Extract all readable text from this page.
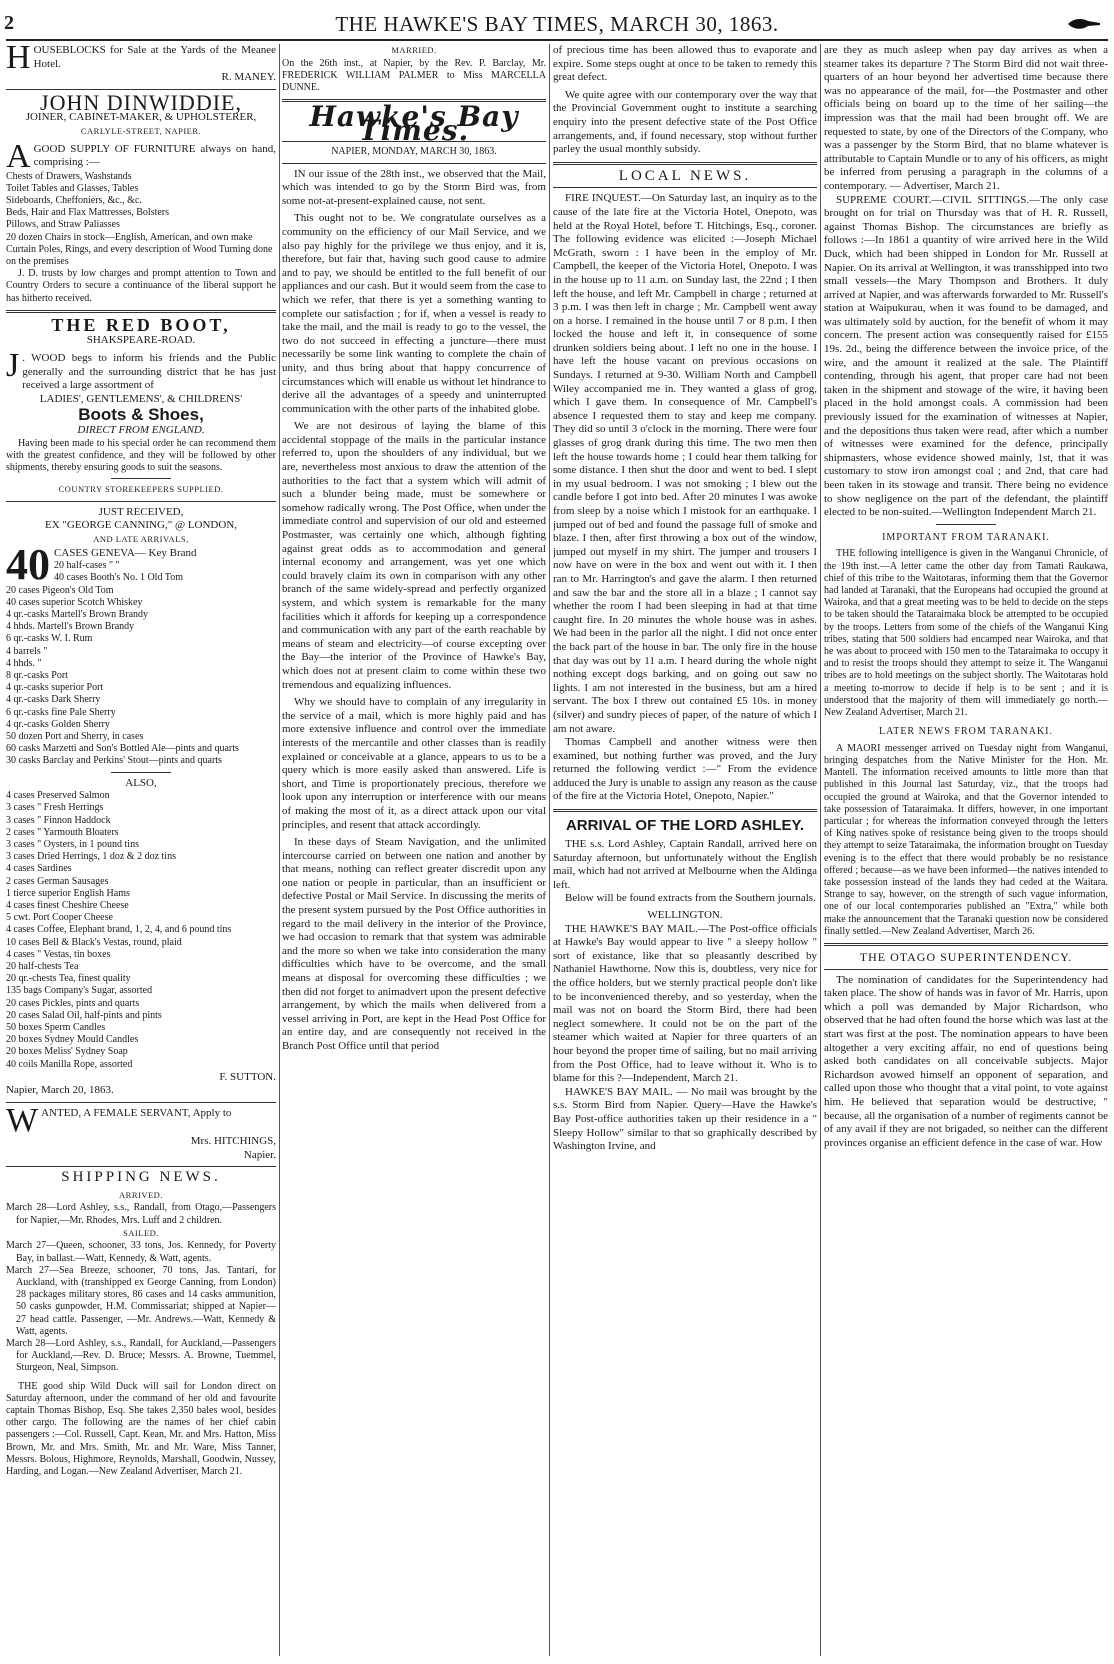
2	THE HAWKE'S BAY TIMES, MARCH 30, 1863.

HOUSEBLOCKS for Sale at the Yards of the Meanee Hotel.

R. MANEY.

JOHN DINWIDDIE,

JOINER, CABINET-MAKER, & UPHOLSTERER,

CARLYLE-STREET, NAPIER.

AGOOD SUPPLY OF FURNITURE always on hand, comprising :—

Chests of Drawers, Washstands
Toilet Tables and Glasses, Tables
Sideboards, Cheffoniers, &c., &c.
Beds, Hair and Flax Mattresses, Bolsters
Pillows, and Straw Paliasses
20 dozen Chairs in stock—English, American, and own make
Curtain Poles, Rings, and every description of Wood Turning done on the premises

J. D. trusts by low charges and prompt attention to Town and Country Orders to secure a continuance of the liberal support he has hitherto received.

THE RED BOOT,

SHAKSPEARE-ROAD.

J . WOOD begs to inform his friends and the Public generally and the surrounding district that he has just received a large assortment of

LADIES', GENTLEMENS', & CHILDRENS'

Boots & Shoes,

DIRECT FROM ENGLAND.

Having been made to his special order he can recommend them with the greatest confidence, and they will be followed by other shipments, thereby ensuring goods to suit the seasons.

COUNTRY STOREKEEPERS SUPPLIED.

JUST RECEIVED,

EX "GEORGE CANNING," @ LONDON,

AND LATE ARRIVALS,

40 CASES GENEVA— Key Brand

20 half-cases " "
40 cases Booth's No. 1 Old Tom
20 cases Pigeon's Old Tom
40 cases superior Scotch Whiskey
4 qr.-casks Martell's Brown Brandy
4 hhds. Martell's Brown Brandy
6 qr.-casks W. I. Rum
4 barrels "
4 hhds. "
8 qr.-casks Port
4 qr.-casks superior Port
4 qr.-casks Dark Sherry
6 qr.-casks fine Pale Sherry
4 qr.-casks Golden Sherry
50 dozen Port and Sherry, in cases
60 casks Marzetti and Son's Bottled Ale—pints and quarts
30 casks Barclay and Perkins' Stout—pints and quarts

ALSO,

4 cases Preserved Salmon
3 cases " Fresh Herrings
3 cases " Finnon Haddock
2 cases " Yarmouth Bloaters
3 cases " Oysters, in 1 pound tins
3 cases Dried Herrings, 1 doz & 2 doz tins
4 cases Sardines
2 cases German Sausages
1 tierce superior English Hams
4 cases finest Cheshire Cheese
5 cwt. Port Cooper Cheese
4 cases Coffee, Elephant brand, 1, 2, 4, and 6 pound tins
10 cases Bell & Black's Vestas, round, plaid
4 cases " Vestas, tin boxes
20 half-chests Tea
20 qr.-chests Tea, finest quality
135 bags Company's Sugar, assorted
20 cases Pickles, pints and quarts
20 cases Salad Oil, half-pints and pints
50 boxes Sperm Candles
20 boxes Sydney Mould Candles
20 boxes Meliss' Sydney Soap
40 coils Manilla Rope, assorted

F. SUTTON.

Napier, March 20, 1863.

WANTED, A FEMALE SERVANT, Apply to

Mrs. HITCHINGS,

Napier.

SHIPPING NEWS.

ARRIVED.

March 28—Lord Ashley, s.s., Randall, from Otago,—Passengers for Napier,—Mr. Rhodes, Mrs. Luff and 2 children.

SAILED.

March 27—Queen, schooner, 33 tons, Jos. Kennedy, for Poverty Bay, in ballast.—Watt, Kennedy, & Watt, agents.

March 27—Sea Breeze, schooner, 70 tons, Jas. Tantari, for Auckland, with (transhipped ex George Canning, from London) 28 packages military stores, 86 cases and 14 casks ammunition, 50 casks gunpowder, H.M. Commissariat; shipped at Napier—27 head cattle. Passenger, —Mr. Andrews.—Watt, Kennedy & Watt, agents.

March 28—Lord Ashley, s.s., Randall, for Auckland,—Passengers for Auckland,—Rev. D. Bruce; Messrs. A. Browne, Tuemmel, Sturgeon, Neal, Simpson.

THE good ship Wild Duck will sail for London direct on Saturday afternoon, under the command of her old and favourite captain Thomas Bishop, Esq. She takes 2,350 bales wool, besides other cargo. The following are the names of her chief cabin passengers :—Col. Russell, Capt. Kean, Mr. and Mrs. Hatton, Miss Brown, Mr. and Mrs. Smith, Mr. and Mr. Ware, Miss Tanner, Messrs. Bolous, Highmore, Reynolds, Marshall, Goodwin, Nussey, Harding, and Logan.—New Zealand Advertiser, March 21.

MARRIED.

On the 26th inst., at Napier, by the Rev. P. Barclay, Mr. FREDERICK WILLIAM PALMER to Miss MARCELLA DUNNE.

Hawke's Bay Times.

NAPIER, MONDAY, MARCH 30, 1863.

IN our issue of the 28th inst., we observed that the Mail, which was intended to go by the Storm Bird was, from some not-at-present-explained cause, not sent.

This ought not to be. We congratulate ourselves as a community on the efficiency of our Mail Service, and we also pay highly for the privilege we thus enjoy, and it is, therefore, but fair that, having such good cause to admire and to pay, we should be entitled to the full benefit of our appliances and our cash. But it would seem from the case to which we refer, that there is yet a something wanting to complete our satisfaction ; for if, when a vessel is ready to take the mail, and the mail is ready to go to the vessel, the two do not succeed in effecting a juncture—there must necessarily be some link wanting to complete the chain of unity, and thus bring about that happy concurrence of circumstances which will enable us without let hindrance to derive all the advantages of a speedy and uninterrupted communication with the other parts of the inhabited globe.

We are not desirous of laying the blame of this accidental stoppage of the mails in the particular instance referred to, upon the shoulders of any individual, but we are, nevertheless most anxious to draw the attention of the authorities to the fact that a system which will admit of such a blunder being made, must be somewhere or somehow radically wrong. The Post Office, when under the immediate control and supervision of our old and esteemed Postmaster, was certainly one which, although fighting against great odds as to accommodation and general internal economy and arrangement, was yet one which could bravely claim its own in comparison with any other branch of the same widely-spread and perfectly organized system, and which system is remarkable for the many facilities which it affords for keeping up a correspondence and communication with any part of the earth reachable by means of steam and electricity—of course excepting over the Bay—the interior of the Province of Hawke's Bay, which does not at present claim to come within these two tremendous and equalizing influences.

Why we should have to complain of any irregularity in the service of a mail, which is more highly paid and has more extensive influence and control over the immediate interests of the mercantile and other classes than is readily explained or conceivable at a glance, appears to us to be a query which is more easily asked than answered. Life is short, and Time is proportionately precious, therefore we look upon any interruption or interference with our means of making the most of it, as a direct attack upon our vital principles, and resent that attack accordingly.

In these days of Steam Navigation, and the unlimited intercourse carried on between one nation and another by that means, nothing can reflect greater discredit upon any one nation or people in particular, than an insufficient or defective Postal or Mail Service. In discussing the merits of the present system pursued by the Post Office authorities in regard to the mail delivery in the interior of the Province, we had occasion to remark that that system was admirable and the more so when we take into consideration the many difficulties which have to be overcome, and the small means at disposal for overcoming these difficulties ; we then did not forget to animadvert upon the present defective arrangement, by which the mails when delivered from a vessel arriving in Port, are kept in the Head Post Office for an entire day, and are consequently not received in the Branch Post Office until that period

of precious time has been allowed thus to evaporate and expire. Some steps ought at once to be taken to remedy this great defect.

We quite agree with our contemporary over the way that the Provincial Government ought to institute a searching enquiry into the present defective state of the Post Office arrangements, and, if found necessary, stop without further parley the usual monthly subsidy.

LOCAL NEWS.

FIRE INQUEST.—On Saturday last, an inquiry as to the cause of the late fire at the Victoria Hotel, Onepoto, was held at the Royal Hotel, before T. Hitchings, Esq., coroner. The following evidence was elicited :—Joseph Michael McGrath, sworn : I have been in the employ of Mr. Campbell, the keeper of the Victoria Hotel, Onepoto. I was in the house up to 11 a.m. on Sunday last, the 22nd ; I then left the house, and left Mr. Campbell in charge ; returned at 3 p.m. I was then left in charge ; Mr. Campbell went away on a horse. I remained in the house until 7 or 8 p.m. I then locked the house and left it, in consequence of some drunken soldiers being about. I left no one in the house. I have left the house vacant on previous occasions on Sundays. I returned at 9-30. William North and Campbell Wiley accompanied me in. They wanted a glass of grog, which I gave them. In consequence of Mr. Campbell's absence I requested them to stay and keep me company. They did so until 3 o'clock in the morning. There were four glasses of grog drank during this time. The two men then left the house towards home ; I could hear them talking for some distance. I then shut the door and went to bed. I slept in my usual bedroom. I was not smoking ; I blew out the candle before I got into bed. After 20 minutes I was awoke from sleep by a noise which I mistook for an earthquake. I jumped out of bed and found the passage full of smoke and blaze. I then, after first throwing a box out of the window, jumped out myself in my shirt. The jumper and trousers I now have on were in the box and went out with it. I then ran to Mr. Harrington's and gave the alarm. I then returned and saw the bar and the store all in a blaze ; I cannot say whether the room I had been sleeping in had at that time caught fire. In 20 minutes the whole house was in ashes. We had been in the parlor all the night. I did not once enter the back part of the house in bar. The only fire in the house that day was out by 11 a.m. I heard during the whole night nothing except dogs barking, and on going out saw no lights. I am not interested in the business, but am a hired servant. The box I threw out contained £5 10s. in money (silver) and sundry pieces of paper, of the nature of which I am not aware.

Thomas Campbell and another witness were then examined, but nothing further was proved, and the Jury returned the following verdict :—" From the evidence adduced the Jury is unable to assign any reason as the cause of the fire at the Victoria Hotel, Onepoto, Napier."

ARRIVAL OF THE LORD ASHLEY.

THE s.s. Lord Ashley, Captain Randall, arrived here on Saturday afternoon, but unfortunately without the English mail, which had not arrived at Melbourne when the Aldinga left.

Below will be found extracts from the Southern journals.

WELLINGTON.

THE HAWKE'S BAY MAIL.—The Post-office officials at Hawke's Bay would appear to live " a sleepy hollow " sort of existance, like that so pleasantly described by Nathaniel Hawthorne. Now this is, doubtless, very nice for the office holders, but we sternly practical people don't like to be inconvenienced thereby, and so yesterday, when the mail was not on board the Storm Bird, there had been neglect somewhere. It could not be on the part of the steamer which waited at Napier for three quarters of an hour beyond the proper time of sailing, but no mail arriving from the Post Office, had to leave without it. Who is to blame for this ?—Independent, March 21.

HAWKE'S BAY MAIL. — No mail was brought by the s.s. Storm Bird from Napier. Query—Have the Hawke's Bay Post-office authorities taken up their residence in a " Sleepy Hollow" similar to that so graphically described by Washington Irvine, and

are they as much asleep when pay day arrives as when a steamer takes its departure ? The Storm Bird did not wait three-quarters of an hour beyond her advertised time because there was no appearance of the mail, for—the Postmaster and other officials being on board up to the time of her sailing—the impression was that the mail had been brought off. We are requested to state, by one of the Directors of the Company, who was a passenger by the Storm Bird, that no blame whatever is attributable to Captain Mundle or to any of his officers, as might be inferred from perusing a paragraph in the columns of a contemporary. — Advertiser, March 21.

SUPREME COURT.—CIVIL SITTINGS.—The only case brought on for trial on Thursday was that of H. R. Russell, against Thomas Bishop. The circumstances are briefly as follows :—In 1861 a quantity of wire arrived here in the Wild Duck, which had been shipped in London for Mr. Russell at Napier. On its arrival at Wellington, it was transshipped into two small vessels—the Mary Thompson and Brothers. It duly arrived at Napier, and was afterwards forwarded to Mr. Russell's station at Waipukurau, when it was found to be damaged, and was ultimately sold by auction, for the benefit of whom it may concern. The present action was consequently raised for £155 19s. 2d., being the difference between the invoice price, of the wire, and the amount it realized at the sale. The Plaintiff contending, through his agent, that proper care had not been taken in the shipment and stowage of the wire, it having been placed in the hold amongst coals. A commission had been previously issued for the examination of witnesses at Napier, and the depositions thus taken were read, after which a number of witnesses were examined for the defence, principally shipmasters, whose evidence showed mainly, 1st, that it was customary to stow iron amongst coal ; and 2nd, that care had been taken in its stowage and transit. There being no evidence to show negligence on the part of the defendant, the plaintiff elected to be non-suited.—Wellington Independent March 21.

IMPORTANT FROM TARANAKI.

THE following intelligence is given in the Wanganui Chronicle, of the 19th inst.—A letter came the other day from Tamati Raukawa, chief of this tribe to the Waitotaras, informing them that the Governor had landed at Taranaki, that the Europeans had occupied the ground at Wairoka, and that a great meeting was to be held to decide on the steps to be taken should the Tataraimaka block be attempted to be occupied by the troops. Letters from some of the chiefs of the Wanganui King tribes, stating that 500 soldiers had encamped near Wairoka, and that he was about to proceed with 150 men to the Tataraimaka to occupy it and to resist the troops should they attempt to seize it. The Wanganui tribes are to hold meetings on the subject shortly. The Waitotaras hold a meeting to-morrow to decide if help is to be sent ; and it is understood that the majority of them will immediately go north.—New Zealand Advertiser, March 21.

LATER NEWS FROM TARANAKI.

A MAORI messenger arrived on Tuesday night from Wanganui, bringing despatches from the Native Minister for the Hon. Mr. Mantell. The information received amounts to little more than that published in this Journal last Saturday, viz., that the troops had occupied the ground at Wairoka, and that the Governor intended to take possession of Tataraimaka. It differs, however, in one important particular ; for whereas the information conveyed through the letters of King natives spoke of resistance being given to the troops should they attempt to seize Tataraimaka, the information brought on Tuesday evening is to the effect that there would probably be no resistance offered ; because—as we have been informed—the natives intended to take possession instead of the lands they had ceded at the Waitara. Strange to say, however, on the strength of such vague information, one of our local contemporaries published an "Extra," while both make the announcement that the Taranaki question now be considered finally settled.—New Zealand Advertiser, March 26.

THE OTAGO SUPERINTENDENCY.

The nomination of candidates for the Superintendency had taken place. The show of hands was in favor of Mr. Harris, upon which a poll was demanded by Major Richardson, who observed that he had often found the horse which was last at the start was first at the post. The nomination appears to have been altogether a very exciting affair, no end of questions being asked both candidates on all conceivable subjects. Major Richardson avowed himself an opponent of separation, and called upon those who thought that a vital point, to vote against him. He believed that separation would be destructive, " because, all the organisation of a number of regiments cannot be of any avail if they are not brigaded, so neither can the different provinces organise an efficient defence in the case of war. How
